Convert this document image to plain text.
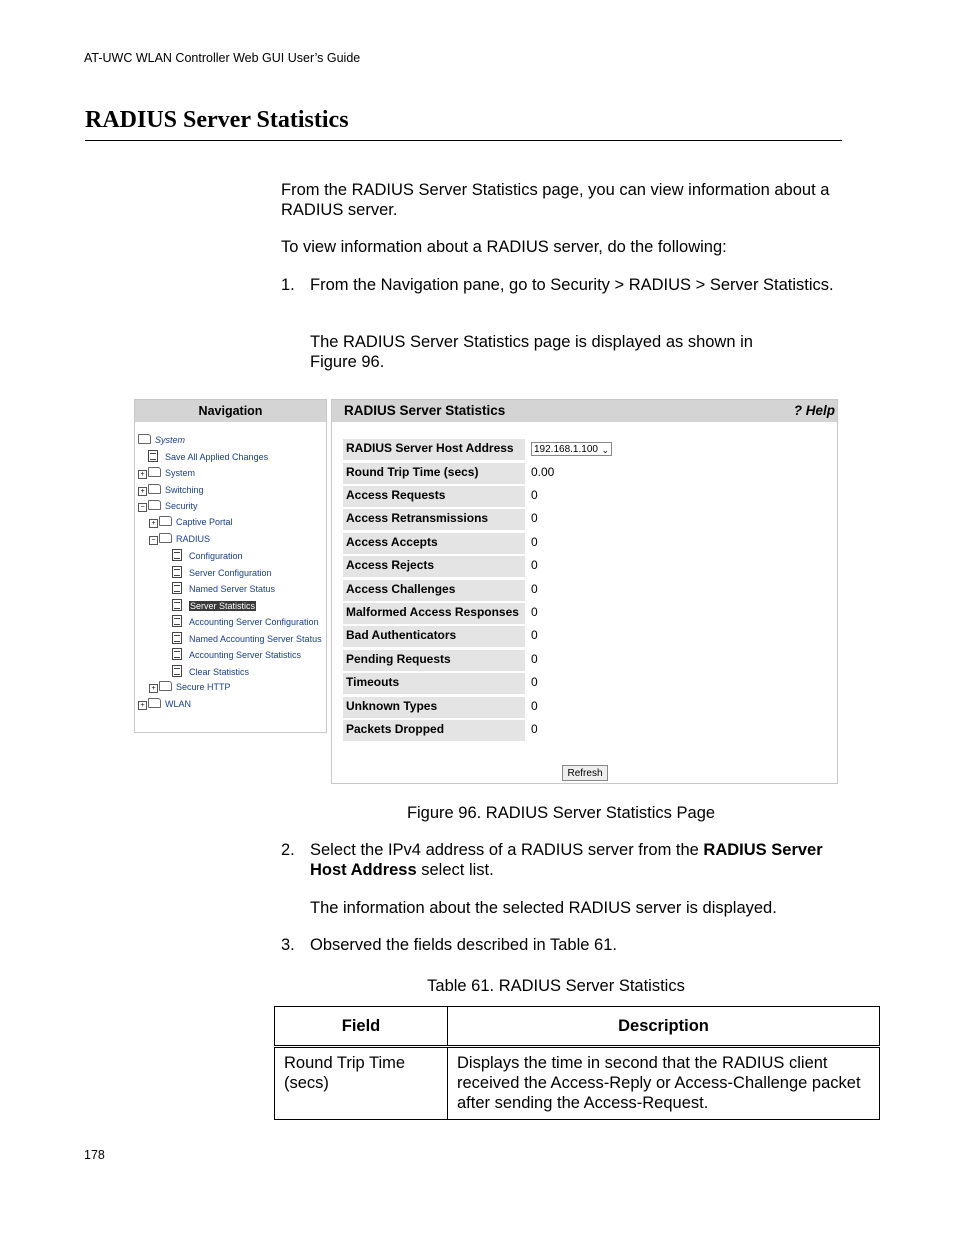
AT-UWC WLAN Controller Web GUI User’s Guide
RADIUS Server Statistics
From the RADIUS Server Statistics page, you can view information about a RADIUS server.
To view information about a RADIUS server, do the following:
1. From the Navigation pane, go to Security > RADIUS > Server Statistics.
The RADIUS Server Statistics page is displayed as shown in Figure 96.
Navigation
System
Save All Applied Changes
+ System
+ Switching
− Security
+ Captive Portal
− RADIUS
Configuration
Server Configuration
Named Server Status
Server Statistics
Accounting Server Configuration
Named Accounting Server Status
Accounting Server Statistics
Clear Statistics
+ Secure HTTP
+ WLAN
RADIUS Server Statistics	? Help
RADIUS Server Host Address	192.168.1.100 ⌄
Round Trip Time (secs)	0.00
Access Requests	0
Access Retransmissions	0
Access Accepts	0
Access Rejects	0
Access Challenges	0
Malformed Access Responses	0
Bad Authenticators	0
Pending Requests	0
Timeouts	0
Unknown Types	0
Packets Dropped	0
Refresh
Figure 96. RADIUS Server Statistics Page
2. Select the IPv4 address of a RADIUS server from the RADIUS Server Host Address select list.
The information about the selected RADIUS server is displayed.
3. Observed the fields described in Table 61.
Table 61. RADIUS Server Statistics
Field	Description
Round Trip Time (secs)	Displays the time in second that the RADIUS client received the Access-Reply or Access-Challenge packet after sending the Access-Request.
178
